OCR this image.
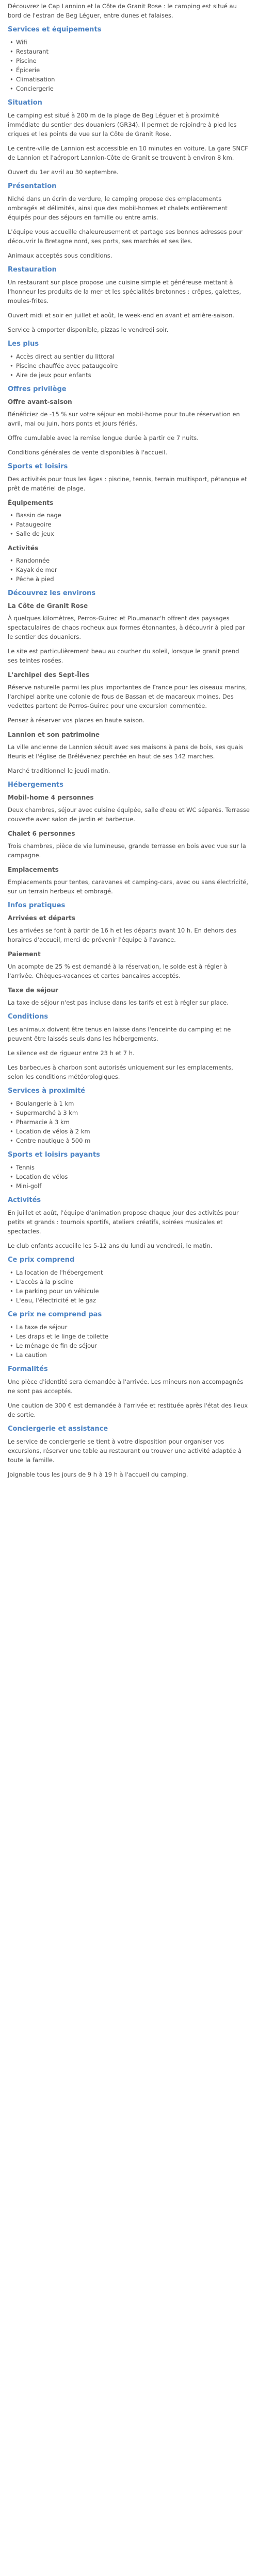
Découvrez le Cap Lannion et la Côte de Granit Rose : le camping est situé au bord de l'estran de Beg Léguer, entre dunes et falaises.

Services et équipements
• Wifi
• Restaurant
• Piscine
• Épicerie
• Climatisation
• Conciergerie
Situation

Le camping est situé à 200 m de la plage de Beg Léguer et à proximité immédiate du sentier des douaniers (GR34). Il permet de rejoindre à pied les criques et les points de vue sur la Côte de Granit Rose.

Le centre-ville de Lannion est accessible en 10 minutes en voiture. La gare SNCF de Lannion et l'aéroport Lannion-Côte de Granit se trouvent à environ 8 km.

Ouvert du 1er avril au 30 septembre.

Présentation

Niché dans un écrin de verdure, le camping propose des emplacements ombragés et délimités, ainsi que des mobil-homes et chalets entièrement équipés pour des séjours en famille ou entre amis.

L'équipe vous accueille chaleureusement et partage ses bonnes adresses pour découvrir la Bretagne nord, ses ports, ses marchés et ses îles.

Animaux acceptés sous conditions.

Restauration

Un restaurant sur place propose une cuisine simple et généreuse mettant à l'honneur les produits de la mer et les spécialités bretonnes : crêpes, galettes, moules-frites.

Ouvert midi et soir en juillet et août, le week-end en avant et arrière-saison.

Service à emporter disponible, pizzas le vendredi soir.

Les plus
• Accès direct au sentier du littoral
• Piscine chauffée avec pataugeoire
• Aire de jeux pour enfants
Offres privilège
Offre avant-saison

Bénéficiez de -15 % sur votre séjour en mobil-home pour toute réservation en avril, mai ou juin, hors ponts et jours fériés.

Offre cumulable avec la remise longue durée à partir de 7 nuits.

Conditions générales de vente disponibles à l'accueil.

Sports et loisirs

Des activités pour tous les âges : piscine, tennis, terrain multisport, pétanque et prêt de matériel de plage.

Équipements
• Bassin de nage
• Pataugeoire
• Salle de jeux
Activités
• Randonnée
• Kayak de mer
• Pêche à pied
Découvrez les environs
La Côte de Granit Rose

À quelques kilomètres, Perros-Guirec et Ploumanac'h offrent des paysages spectaculaires de chaos rocheux aux formes étonnantes, à découvrir à pied par le sentier des douaniers.

Le site est particulièrement beau au coucher du soleil, lorsque le granit prend ses teintes rosées.

L'archipel des Sept-Îles

Réserve naturelle parmi les plus importantes de France pour les oiseaux marins, l'archipel abrite une colonie de fous de Bassan et de macareux moines. Des vedettes partent de Perros-Guirec pour une excursion commentée.

Pensez à réserver vos places en haute saison.

Lannion et son patrimoine

La ville ancienne de Lannion séduit avec ses maisons à pans de bois, ses quais fleuris et l'église de Brélévenez perchée en haut de ses 142 marches.

Marché traditionnel le jeudi matin.

Hébergements
Mobil-home 4 personnes

Deux chambres, séjour avec cuisine équipée, salle d'eau et WC séparés. Terrasse couverte avec salon de jardin et barbecue.

Chalet 6 personnes

Trois chambres, pièce de vie lumineuse, grande terrasse en bois avec vue sur la campagne.

Emplacements

Emplacements pour tentes, caravanes et camping-cars, avec ou sans électricité, sur un terrain herbeux et ombragé.

Infos pratiques
Arrivées et départs

Les arrivées se font à partir de 16 h et les départs avant 10 h. En dehors des horaires d'accueil, merci de prévenir l'équipe à l'avance.

Paiement

Un acompte de 25 % est demandé à la réservation, le solde est à régler à l'arrivée. Chèques-vacances et cartes bancaires acceptés.

Taxe de séjour

La taxe de séjour n'est pas incluse dans les tarifs et est à régler sur place.

Conditions

Les animaux doivent être tenus en laisse dans l'enceinte du camping et ne peuvent être laissés seuls dans les hébergements.

Le silence est de rigueur entre 23 h et 7 h.

Les barbecues à charbon sont autorisés uniquement sur les emplacements, selon les conditions météorologiques.

Services à proximité
• Boulangerie à 1 km
• Supermarché à 3 km
• Pharmacie à 3 km
• Location de vélos à 2 km
• Centre nautique à 500 m
Sports et loisirs payants
• Tennis
• Location de vélos
• Mini-golf
Activités

En juillet et août, l'équipe d'animation propose chaque jour des activités pour petits et grands : tournois sportifs, ateliers créatifs, soirées musicales et spectacles.

Le club enfants accueille les 5-12 ans du lundi au vendredi, le matin.

Ce prix comprend
• La location de l'hébergement
• L'accès à la piscine
• Le parking pour un véhicule
• L'eau, l'électricité et le gaz
Ce prix ne comprend pas
• La taxe de séjour
• Les draps et le linge de toilette
• Le ménage de fin de séjour
• La caution
Formalités

Une pièce d'identité sera demandée à l'arrivée. Les mineurs non accompagnés ne sont pas acceptés.

Une caution de 300 € est demandée à l'arrivée et restituée après l'état des lieux de sortie.

Conciergerie et assistance

Le service de conciergerie se tient à votre disposition pour organiser vos excursions, réserver une table au restaurant ou trouver une activité adaptée à toute la famille.

Joignable tous les jours de 9 h à 19 h à l'accueil du camping.
